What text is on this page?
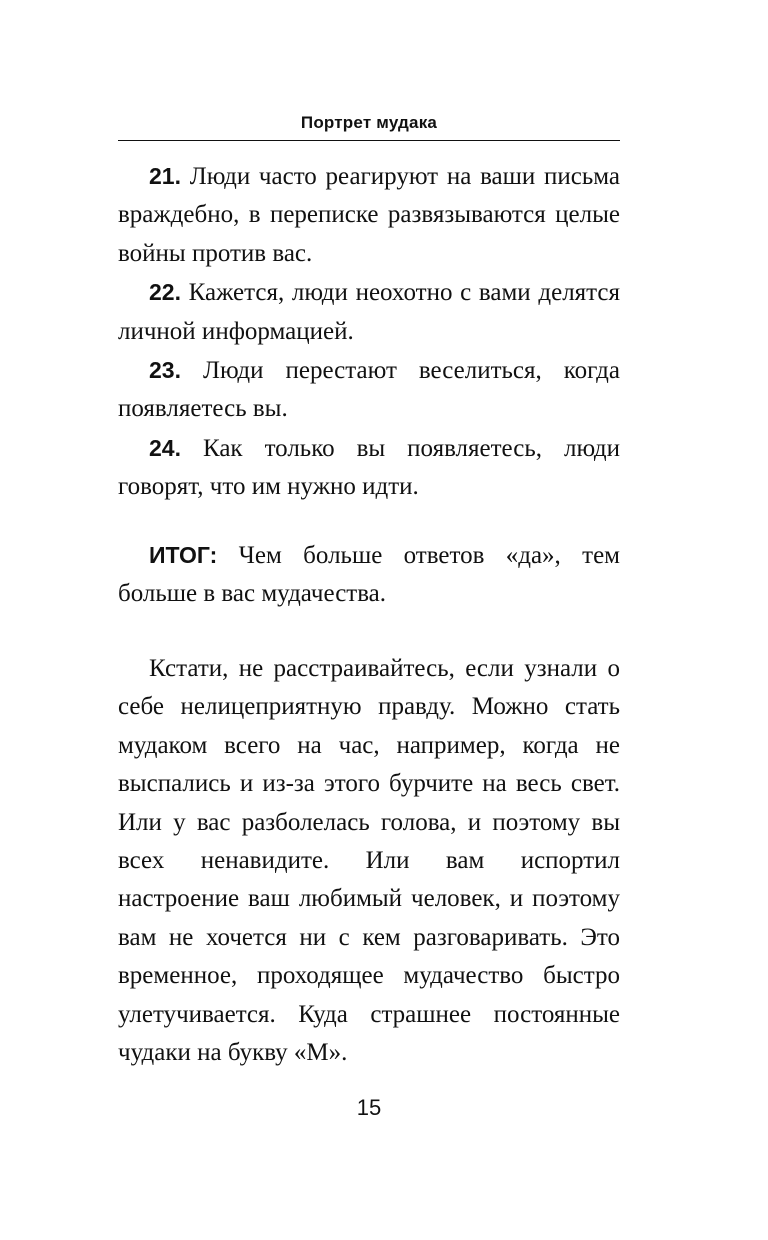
Портрет мудака

21. Люди часто реагируют на ваши письма враждебно, в переписке развязываются целые войны против вас.

22. Кажется, люди неохотно с вами делятся личной информацией.

23. Люди перестают веселиться, когда появляетесь вы.

24. Как только вы появляетесь, люди говорят, что им нужно идти.

ИТОГ: Чем больше ответов «да», тем больше в вас мудачества.

Кстати, не расстраивайтесь, если узнали о себе нелицеприятную правду. Можно стать мудаком всего на час, например, когда не выспались и из-за этого бурчите на весь свет. Или у вас разболелась голова, и поэтому вы всех ненавидите. Или вам испортил настроение ваш любимый человек, и поэтому вам не хочется ни с кем разговаривать. Это временное, проходящее мудачество быстро улетучивается. Куда страшнее постоянные чудаки на букву «М».

15
